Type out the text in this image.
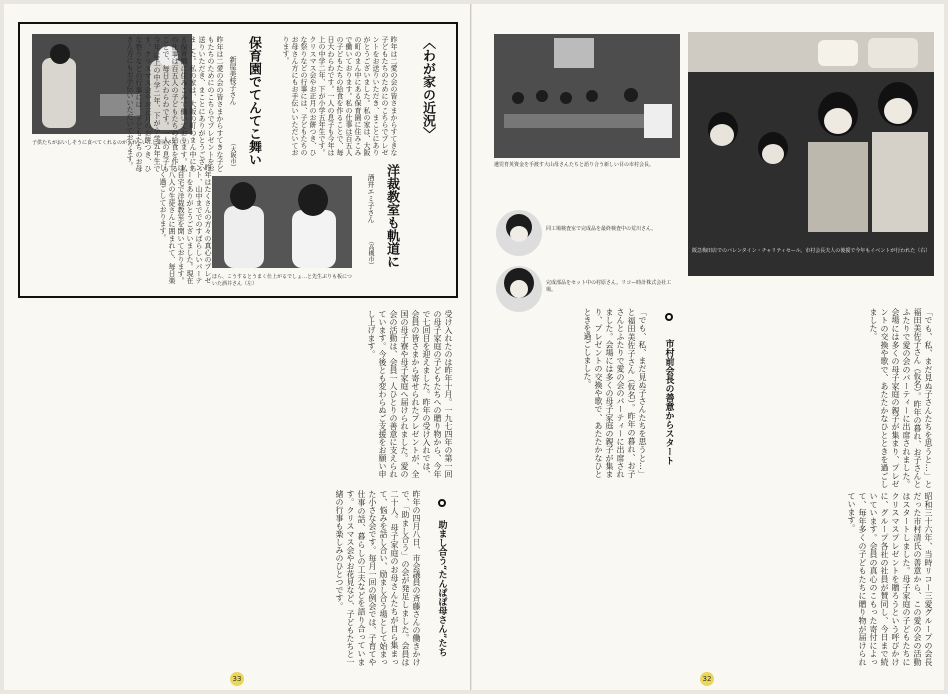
子供たちがおいしそうに食べてくれるのがうれしい…と新屋さん（左）	保育園でてんてこ舞い
新屋美枝子さん
（大阪市）
昨年は二愛の会の皆さまからすてきな子どもたちのためにのこちらでプレゼントをお送りいただき、まことにありがとうございました。私の家は、大阪の町のまん中にある保育園に住みこみで働いております。私の仕事は百五人の子どもたちの給食を作ることで、毎日大わらわです。一人の息子も今年は上の中学二年、下が小学五年生です。クリスマス会やお正月のお餅つき、ひな祭りなどの行事には、子どもたちのお母さん方にもお手伝いいただいております。	昨年は二愛の会の皆さまからすてきな子どもたちのためにのこちらでプレゼントをお送りいただき、まことにありがとうございました。私の家は、大阪の町のまん中にある保育園に住みこみで働いております。私の仕事は百五人の子どもたちの給食を作ることで、毎日大わらわです。一人の息子も今年は上の中学二年、下が小学五年生です。クリスマス会やお正月のお餅つき、ひな祭りなどの行事には、子どもたちのお母さん方にもお手伝いいただいております。	〈わが家の近況〉
昨年はたくさんの方々の真心のプレゼント、山中まででのすばらしいパーティーをありがとうございました。現在は自宅で洋裁教室を開いております。十八人の生徒さんに囲まれて、毎日楽しく過ごしております。
ほら、こうするとうまく仕上がるでしょ…と先生ぶりも板についた酒井さん（左）
洋裁教室も軌道に
酒井エミ子さん
（高槻市）
受け入れたのは昨年十月。一九七四年の第一回の母子家庭の子どもたちへの贈り物から、今年で七回目を迎えました。昨年の受け入れでは、会員の皆さまから寄せられたプレゼントが、全国の母子寮や母子家庭へ届けられました。愛の会の活動は、会員一人ひとりの善意に支えられています。今後とも変わらぬご支援をお願い申し上げます。
昨年の四月八日、市会議員の斉藤さんの働きかけで、「助まし合う」の会が発足しました。会員は二十人。母子家庭のお母さんたちが自ら集まって、悩みを話し合い、励まし合う場として始まった小さな会です。毎月一回の例会では、子育てや仕事の話、暮らしの工夫などを語り合っています。クリスマス会やお花見など、子どもたちと一緒の行事も楽しみのひとつです。	助まし合う“たんぽぽ母さん”たち
33
遺児育英資金を手渡す大山母さんたちと語り合う新しい目の市村会長。
同工場検査室で完成品を最終検査中の荒川さん。
完成部品をセット中の村原さん。リコー時計株式会社工場。
阪急梅田店でのバレンタイン・チャリティセール。市村会長夫人の後援で今年もイベントが行われた（右）
「でも、私、まだ見ぬ子さんたちを思うと…」と福田美佐子さん（仮名）。昨年の暮れ、お子さんとふたりで愛の会のパーティーに出席されました。会場には多くの母子家庭の親子が集まり、プレゼントの交換や歌で、あたたかなひとときを過ごしました。
「でも、私、まだ見ぬ子さんたちを思うと…」と福田美佐子さん（仮名）。昨年の暮れ、お子さんとふたりで愛の会のパーティーに出席されました。会場には多くの母子家庭の親子が集まり、プレゼントの交換や歌で、あたたかなひとときを過ごしました。	市村前会長の善意からスタート
昭和三十六年、当時リコー三愛グループの会長だった市村清氏の善意から、この愛の会の活動はスタートしました。母子家庭の子どもたちにクリスマスプレゼントを贈ろうという呼びかけに、グループ各社の社員が賛同し、今日まで続いています。会員の真心のこもった寄付によって、毎年多くの子どもたちに贈り物が届けられています。
32
